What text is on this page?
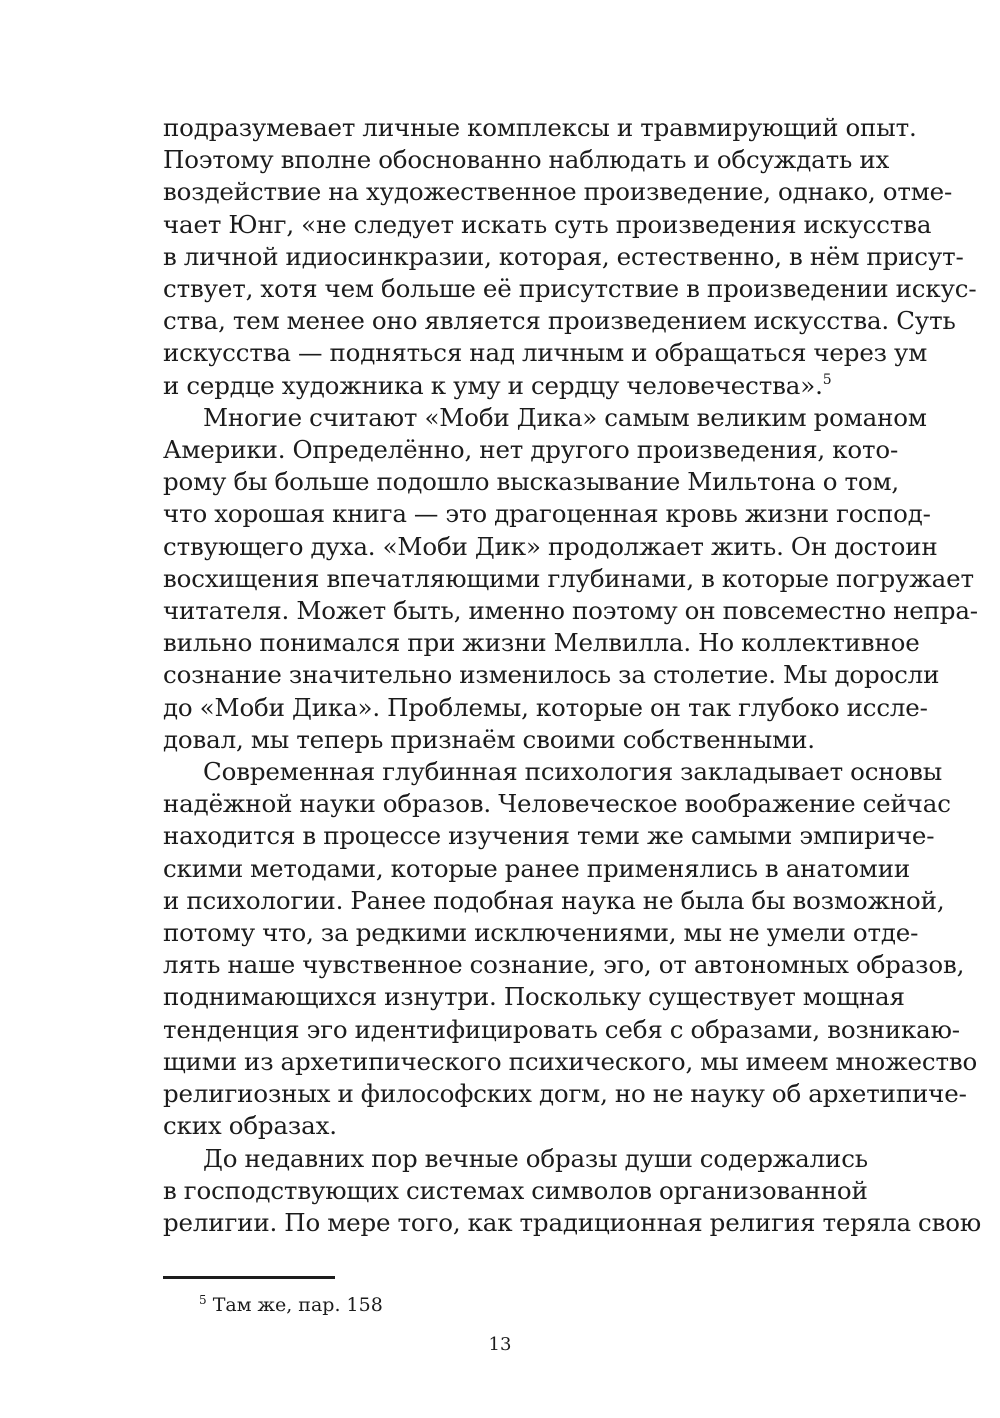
подразумевает личные комплексы и травмирующий опыт.
Поэтому вполне обоснованно наблюдать и обсуждать их
воздействие на художественное произведение, однако, отме-
чает Юнг, «не следует искать суть произведения искусства
в личной идиосинкразии, которая, естественно, в нём присут-
ствует, хотя чем больше её присутствие в произведении искус-
ства, тем менее оно является произведением искусства. Суть
искусства — подняться над личным и обращаться через ум
и сердце художника к уму и сердцу человечества».$^5$
Многие считают «Моби Дика» самым великим романом
Америки. Определённо, нет другого произведения, кото-
рому бы больше подошло высказывание Мильтона о том,
что хорошая книга — это драгоценная кровь жизни господ-
ствующего духа. «Моби Дик» продолжает жить. Он достоин
восхищения впечатляющими глубинами, в которые погружает
читателя. Может быть, именно поэтому он повсеместно непра-
вильно понимался при жизни Мелвилла. Но коллективное
сознание значительно изменилось за столетие. Мы доросли
до «Моби Дика». Проблемы, которые он так глубоко иссле-
довал, мы теперь признаём своими собственными.
Современная глубинная психология закладывает основы
надёжной науки образов. Человеческое воображение сейчас
находится в процессе изучения теми же самыми эмпириче-
скими методами, которые ранее применялись в анатомии
и психологии. Ранее подобная наука не была бы возможной,
потому что, за редкими исключениями, мы не умели отде-
лять наше чувственное сознание, эго, от автономных образов,
поднимающихся изнутри. Поскольку существует мощная
тенденция эго идентифицировать себя с образами, возникаю-
щими из архетипического психического, мы имеем множество
религиозных и философских догм, но не науку об архетипиче-
ских образах.
До недавних пор вечные образы души содержались
в господствующих системах символов организованной
религии. По мере того, как традиционная религия теряла свою
$^5$ Там же, пар. 158
13
